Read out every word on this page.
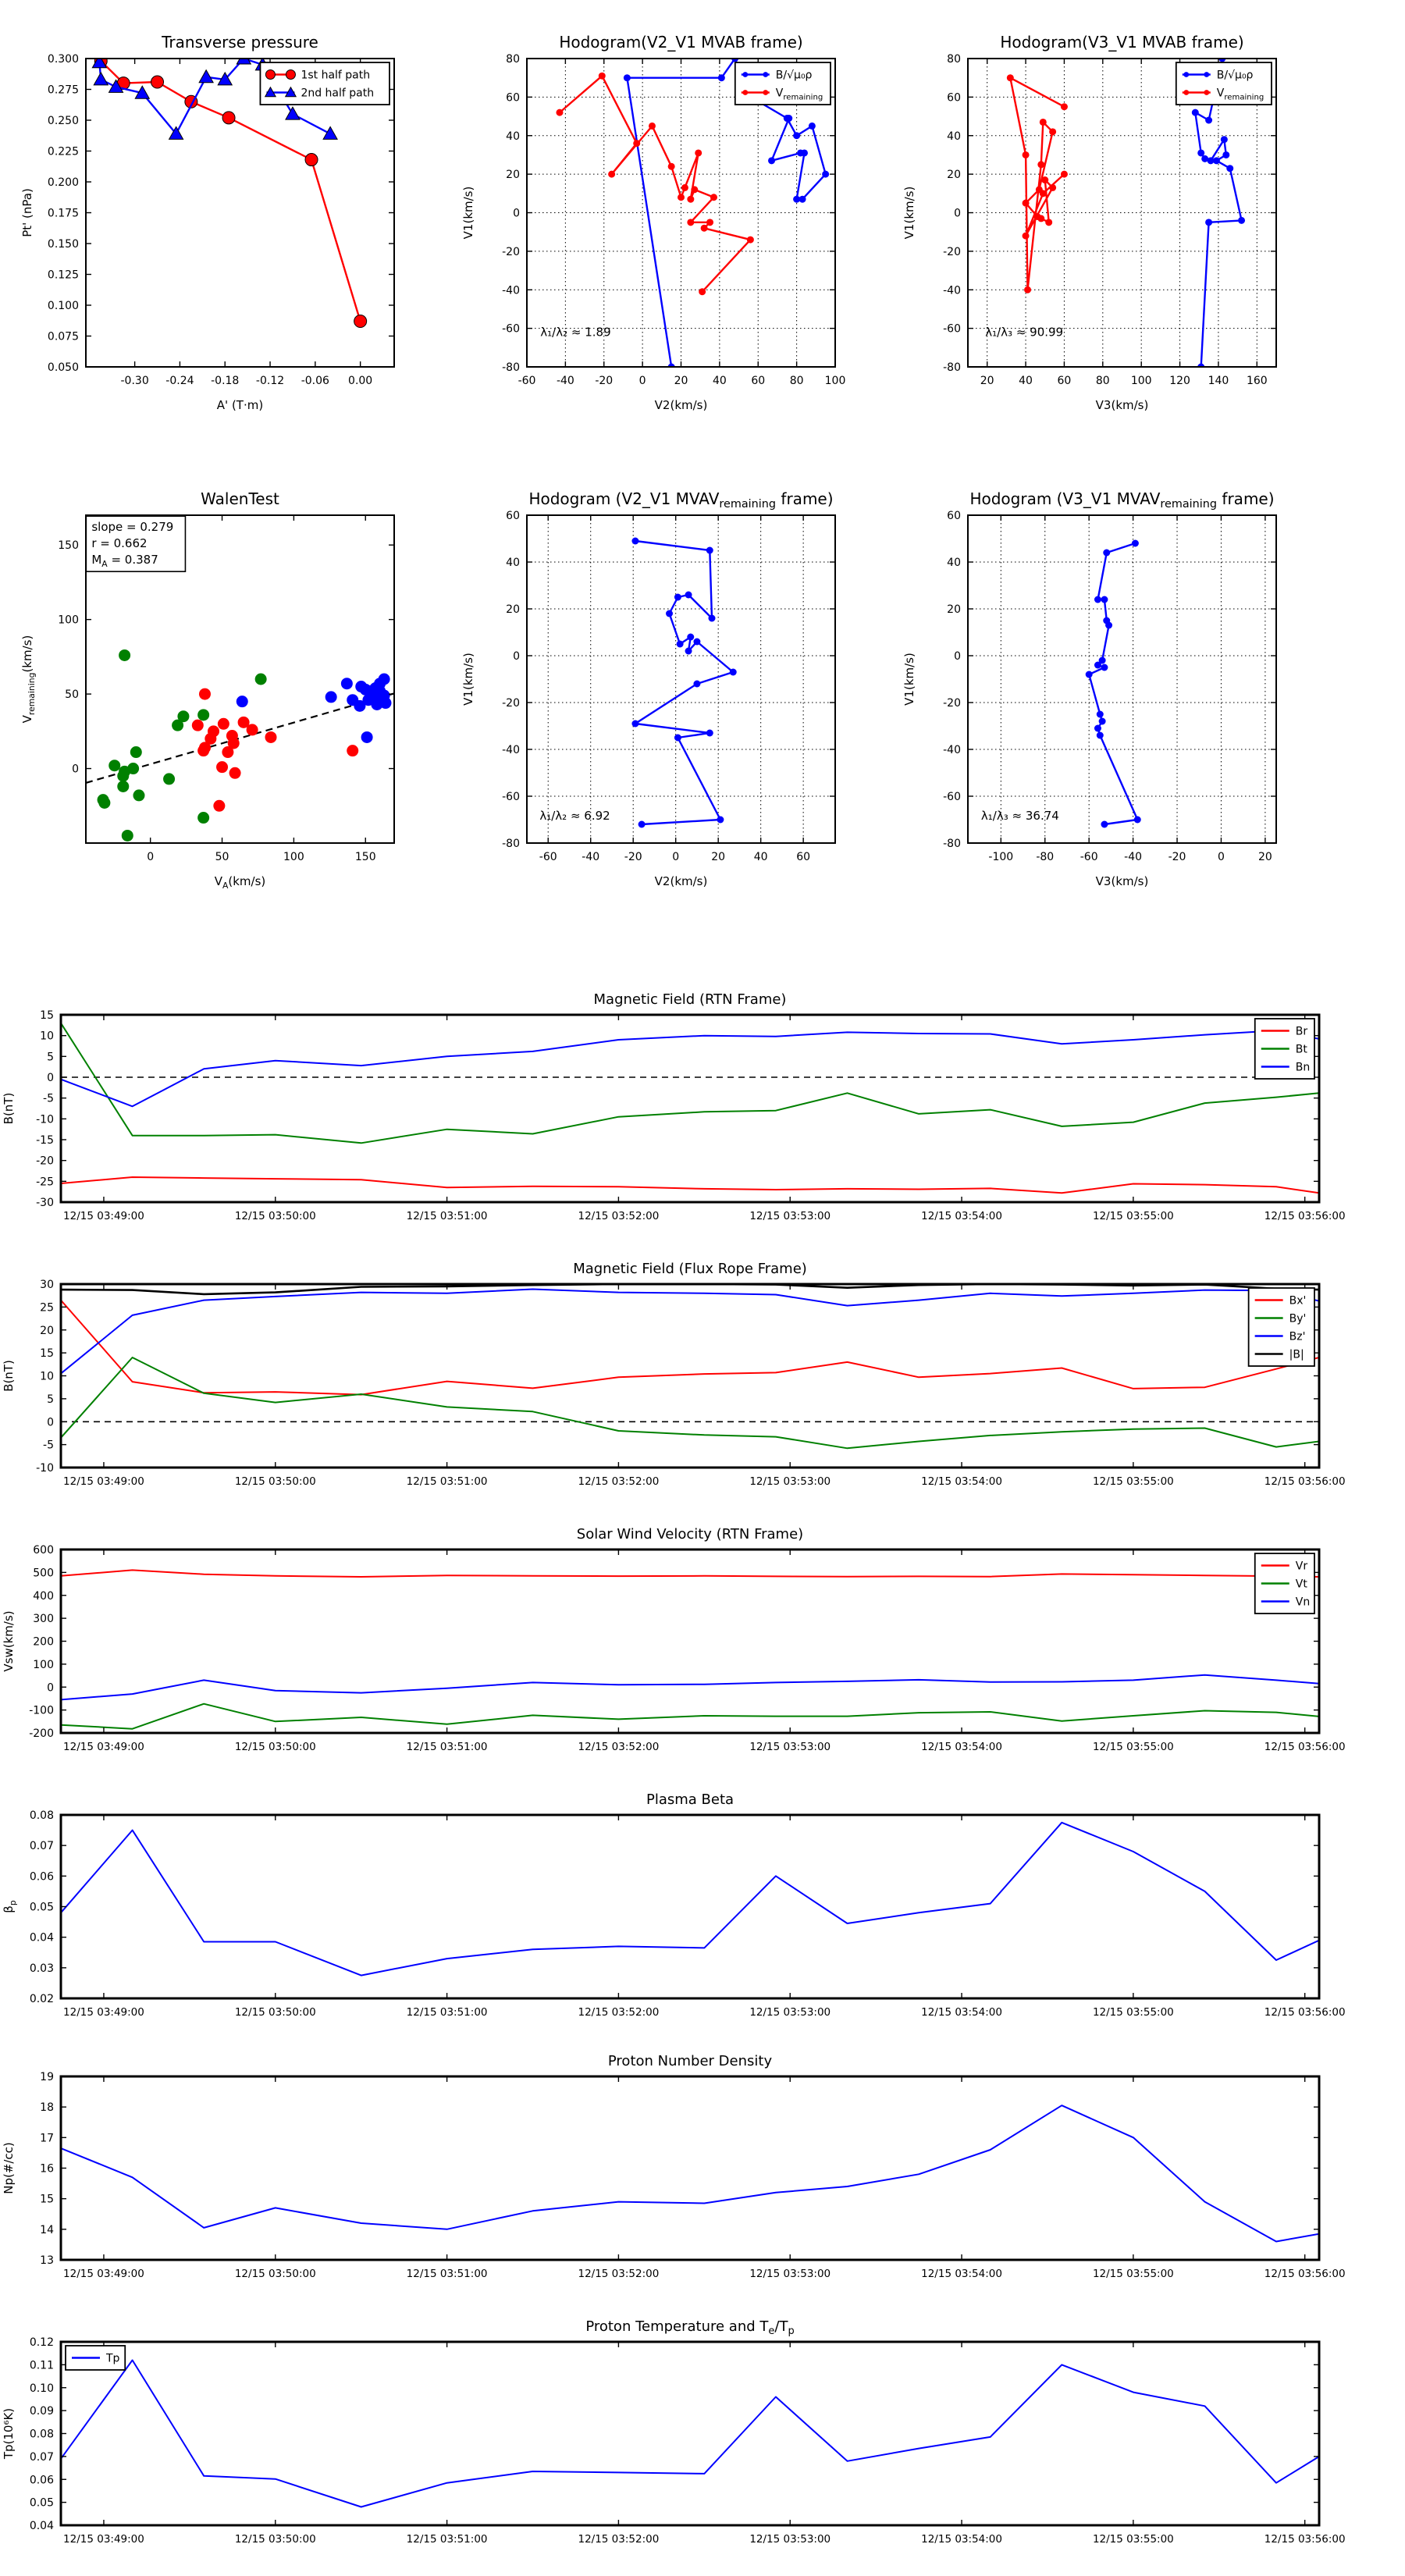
-0.30 -0.24 -0.18 -0.12 -0.06 0.00
0.050
0.075
0.100
0.125
0.150
0.175
0.200
0.225
0.250
0.275
0.300
Transverse pressure
A' (T·m)
Pt' (nPa)
1st half path
2nd half path
-60 -40 -20 0	20 40 60 80 100
-80
-60
-40
-20
0
20
40
60
80
Hodogram(V2_V1 MVAB frame)
V2(km/s)
V1(km/s)
λ₁/λ₂ ≈ 1.89
B/√μ₀ρ
$V_{remaining}$
20 40 60 80 100 120 140 160
-80
-60
-40
-20
0
20
40
60
80
Hodogram(V3_V1 MVAB frame)
V3(km/s)
V1(km/s)
λ₁/λ₃ ≈ 90.99
B/√μ₀ρ
$V_{remaining}$
0	50	100	150
0
50
100
150
WalenTest
$V_A(km/s)$
$V_{remaining}(km/s)$
slope = 0.279
r = 0.662
$M_A = 0.387$
-60 -40 -20	0	20	40	60
-80
-60
-40
-20
0
20
40
60
Hodogram (V2_V1 $MVAV_{remaining}$ frame)
V2(km/s)
V1(km/s)
λ₁/λ₂ ≈ 6.92
-100 -80 -60 -40 -20	0	20
-80
-60
-40
-20
0
20
40
60
Hodogram (V3_V1 $MVAV_{remaining}$ frame)
V3(km/s)
V1(km/s)
λ₁/λ₃ ≈ 36.74
12/15 03:49:00	12/15 03:50:00	12/15 03:51:00	12/15 03:52:00	12/15 03:53:00	12/15 03:54:00	12/15 03:55:00	12/15 03:56:00
-30
-25
-20
-15
-10
-5
0
5
10
15
Magnetic Field (RTN Frame)
B(nT)
Br
Bt
Bn
12/15 03:49:00	12/15 03:50:00	12/15 03:51:00	12/15 03:52:00	12/15 03:53:00	12/15 03:54:00	12/15 03:55:00	12/15 03:56:00
-10
-5
0
5
10
15
20
25
30
Magnetic Field (Flux Rope Frame)
B(nT)
Bx'
By'
Bz'
|B|
12/15 03:49:00	12/15 03:50:00	12/15 03:51:00	12/15 03:52:00	12/15 03:53:00	12/15 03:54:00	12/15 03:55:00	12/15 03:56:00
-200
-100
0
100
200
300
400
500
600
Solar Wind Velocity (RTN Frame)
Vsw(km/s)
Vr
Vt
Vn
12/15 03:49:00	12/15 03:50:00	12/15 03:51:00	12/15 03:52:00	12/15 03:53:00	12/15 03:54:00	12/15 03:55:00	12/15 03:56:00
0.02
0.03
0.04
0.05
0.06
0.07
0.08
Plasma Beta
$\beta_p$
12/15 03:49:00	12/15 03:50:00	12/15 03:51:00	12/15 03:52:00	12/15 03:53:00	12/15 03:54:00	12/15 03:55:00	12/15 03:56:00
13
14
15
16
17
18
19
Proton Number Density
Np(#/cc)
12/15 03:49:00	12/15 03:50:00	12/15 03:51:00	12/15 03:52:00	12/15 03:53:00	12/15 03:54:00	12/15 03:55:00	12/15 03:56:00
0.04
0.05
0.06
0.07
0.08
0.09
0.10
0.11
0.12
Proton Temperature and $T_e/T_p$
Tp(10⁶K)
Tp
